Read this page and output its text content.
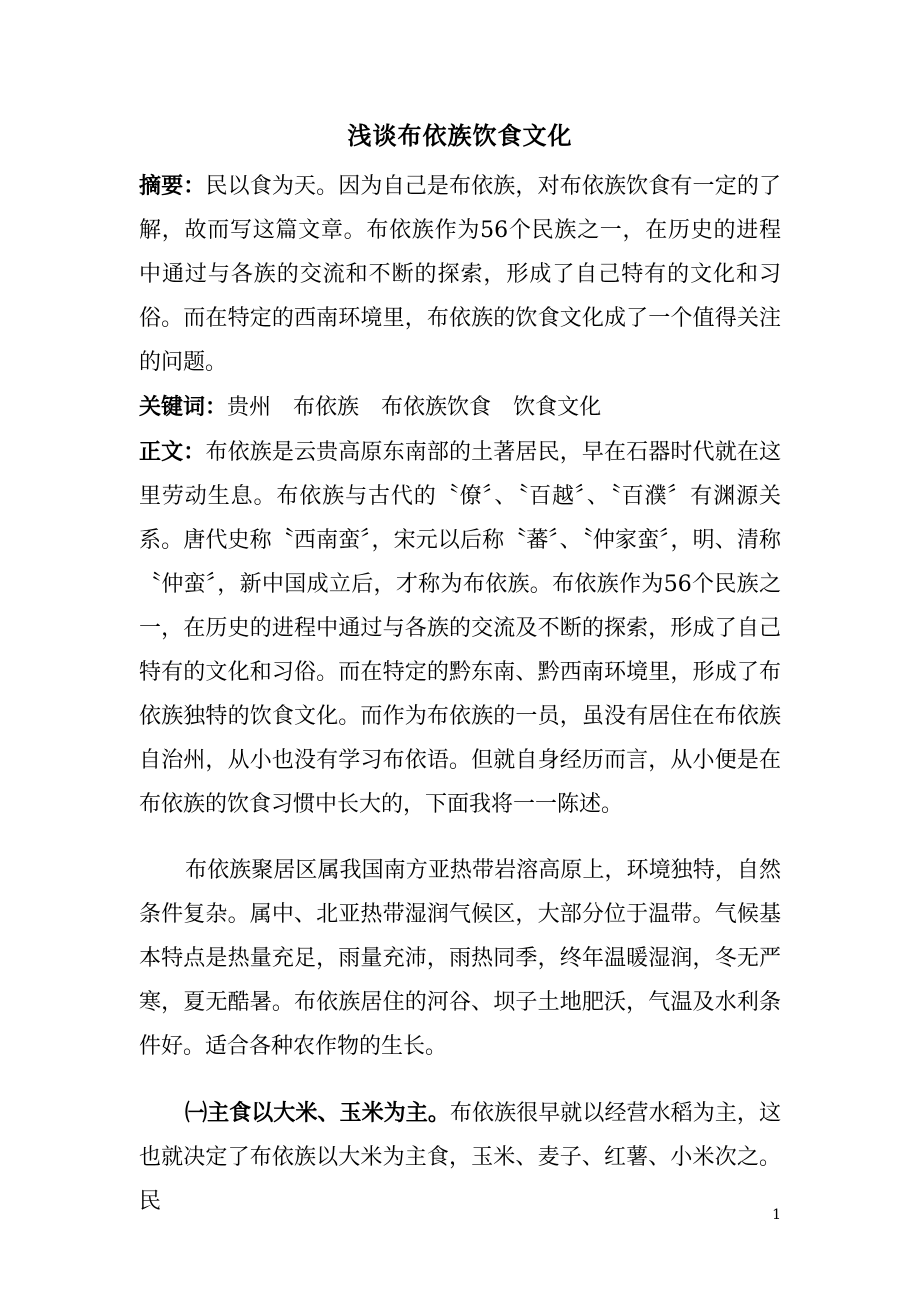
浅谈布依族饮食文化

摘要：民以食为天。因为自己是布依族，对布依族饮食有一定的了解，故而写这篇文章。布依族作为56个民族之一，在历史的进程中通过与各族的交流和不断的探索，形成了自己特有的文化和习俗。而在特定的西南环境里，布依族的饮食文化成了一个值得关注的问题。

关键词：贵州 布依族 布依族饮食 饮食文化

正文：布依族是云贵高原东南部的土著居民，早在石器时代就在这里劳动生息。布依族与古代的〝僚〞、〝百越〞、〝百濮〞有渊源关系。唐代史称〝西南蛮〞，宋元以后称〝蕃〞、〝仲家蛮〞，明、清称〝仲蛮〞，新中国成立后，才称为布依族。布依族作为56个民族之一，在历史的进程中通过与各族的交流及不断的探索，形成了自己特有的文化和习俗。而在特定的黔东南、黔西南环境里，形成了布依族独特的饮食文化。而作为布依族的一员，虽没有居住在布依族自治州，从小也没有学习布依语。但就自身经历而言，从小便是在布依族的饮食习惯中长大的，下面我将一一陈述。

布依族聚居区属我国南方亚热带岩溶高原上，环境独特，自然条件复杂。属中、北亚热带湿润气候区，大部分位于温带。气候基本特点是热量充足，雨量充沛，雨热同季，终年温暖湿润，冬无严寒，夏无酷暑。布依族居住的河谷、坝子土地肥沃，气温及水利条件好。适合各种农作物的生长。

㈠主食以大米、玉米为主。布依族很早就以经营水稻为主，这也就决定了布依族以大米为主食，玉米、麦子、红薯、小米次之。民

1
